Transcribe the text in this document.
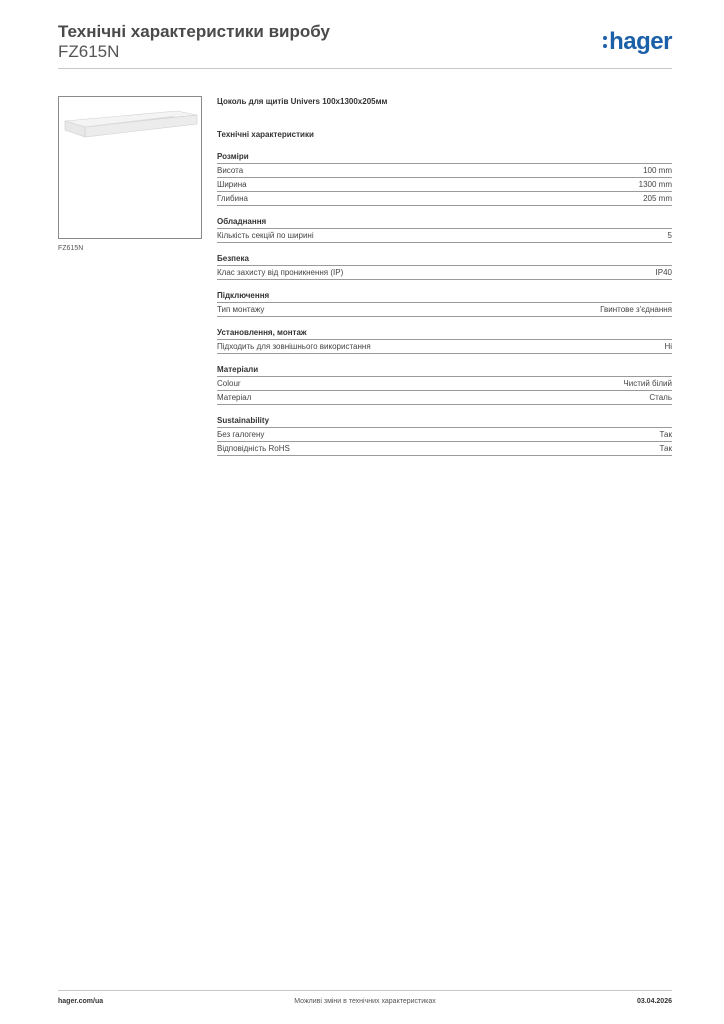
Технічні характеристики виробу
FZ615N	hager
FZ615N
Цоколь для щитів Univers 100x1300x205мм
Технічні характеристики
Розміри
Висота	100 mm
Ширина	1300 mm
Глибина	205 mm
Обладнання
Кількість секцій по ширині	5
Безпека
Клас захисту від проникнення (IP)	IP40
Підключення
Тип монтажу	Гвинтове з'єднання
Установлення, монтаж
Підходить для зовнішнього використання	Ні
Матеріали
Colour	Чистий білий
Матеріал	Сталь
Sustainability
Без галогену	Так
Відповідність RoHS	Так
hager.com/ua	Можливі зміни в технічних характеристиках	03.04.2026
